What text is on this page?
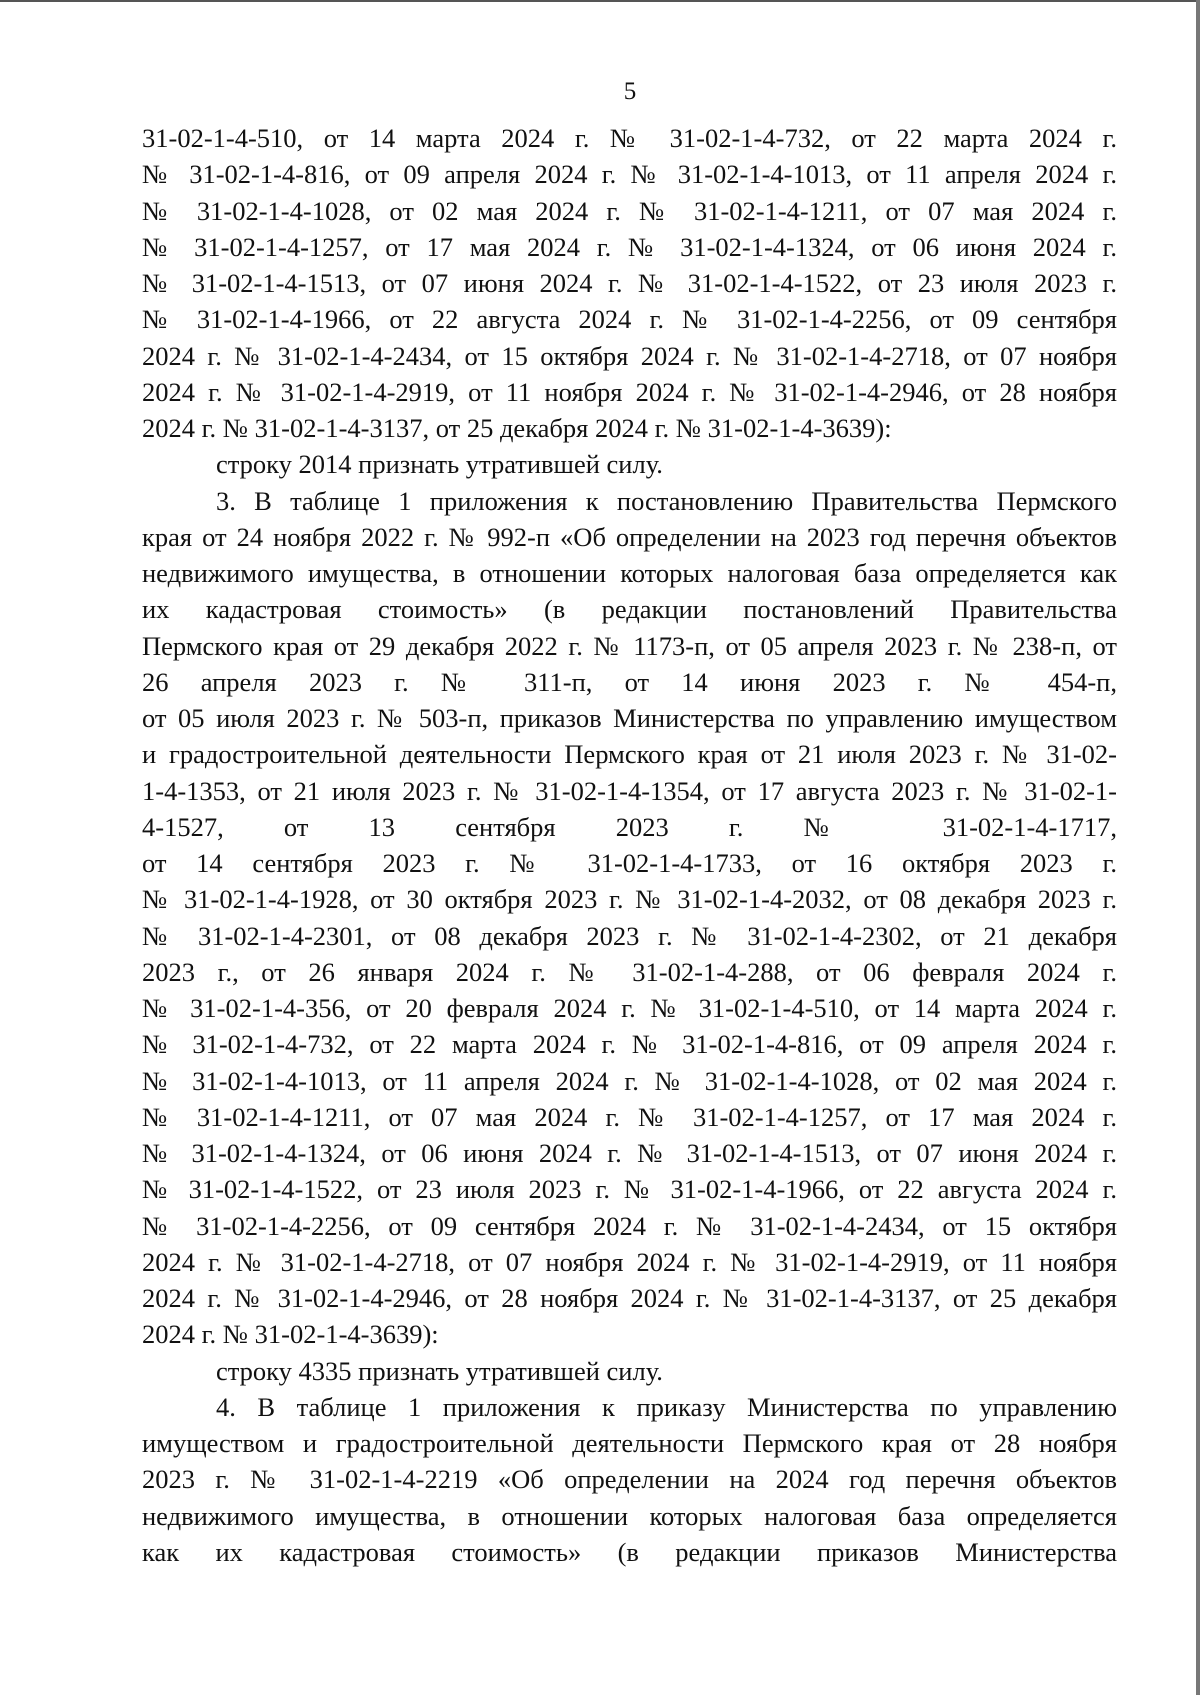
5
31-02-1-4-510, от 14 марта 2024 г. № 31-02-1-4-732, от 22 марта 2024 г.
№ 31-02-1-4-816, от 09 апреля 2024 г. № 31-02-1-4-1013, от 11 апреля 2024 г.
№ 31-02-1-4-1028, от 02 мая 2024 г. № 31-02-1-4-1211, от 07 мая 2024 г.
№ 31-02-1-4-1257, от 17 мая 2024 г. № 31-02-1-4-1324, от 06 июня 2024 г.
№ 31-02-1-4-1513, от 07 июня 2024 г. № 31-02-1-4-1522, от 23 июля 2023 г.
№ 31-02-1-4-1966, от 22 августа 2024 г. № 31-02-1-4-2256, от 09 сентября
2024 г. № 31-02-1-4-2434, от 15 октября 2024 г. № 31-02-1-4-2718, от 07 ноября
2024 г. № 31-02-1-4-2919, от 11 ноября 2024 г. № 31-02-1-4-2946, от 28 ноября
2024 г. № 31-02-1-4-3137, от 25 декабря 2024 г. № 31-02-1-4-3639):
строку 2014 признать утратившей силу.
3. В таблице 1 приложения к постановлению Правительства Пермского
края от 24 ноября 2022 г. № 992-п «Об определении на 2023 год перечня объектов
недвижимого имущества, в отношении которых налоговая база определяется как
их кадастровая стоимость» (в редакции постановлений Правительства
Пермского края от 29 декабря 2022 г. № 1173-п, от 05 апреля 2023 г. № 238-п, от
26 апреля 2023 г. № 311-п, от 14 июня 2023 г. № 454-п,
от 05 июля 2023 г. № 503-п, приказов Министерства по управлению имуществом
и градостроительной деятельности Пермского края от 21 июля 2023 г. № 31-02-
1-4-1353, от 21 июля 2023 г. № 31-02-1-4-1354, от 17 августа 2023 г. № 31-02-1-
4-1527, от 13 сентября 2023 г. № 31-02-1-4-1717,
от 14 сентября 2023 г. № 31-02-1-4-1733, от 16 октября 2023 г.
№ 31-02-1-4-1928, от 30 октября 2023 г. № 31-02-1-4-2032, от 08 декабря 2023 г.
№ 31-02-1-4-2301, от 08 декабря 2023 г. № 31-02-1-4-2302, от 21 декабря
2023 г., от 26 января 2024 г. № 31-02-1-4-288, от 06 февраля 2024 г.
№ 31-02-1-4-356, от 20 февраля 2024 г. № 31-02-1-4-510, от 14 марта 2024 г.
№ 31-02-1-4-732, от 22 марта 2024 г. № 31-02-1-4-816, от 09 апреля 2024 г.
№ 31-02-1-4-1013, от 11 апреля 2024 г. № 31-02-1-4-1028, от 02 мая 2024 г.
№ 31-02-1-4-1211, от 07 мая 2024 г. № 31-02-1-4-1257, от 17 мая 2024 г.
№ 31-02-1-4-1324, от 06 июня 2024 г. № 31-02-1-4-1513, от 07 июня 2024 г.
№ 31-02-1-4-1522, от 23 июля 2023 г. № 31-02-1-4-1966, от 22 августа 2024 г.
№ 31-02-1-4-2256, от 09 сентября 2024 г. № 31-02-1-4-2434, от 15 октября
2024 г. № 31-02-1-4-2718, от 07 ноября 2024 г. № 31-02-1-4-2919, от 11 ноября
2024 г. № 31-02-1-4-2946, от 28 ноября 2024 г. № 31-02-1-4-3137, от 25 декабря
2024 г. № 31-02-1-4-3639):
строку 4335 признать утратившей силу.
4. В таблице 1 приложения к приказу Министерства по управлению
имуществом и градостроительной деятельности Пермского края от 28 ноября
2023 г. № 31-02-1-4-2219 «Об определении на 2024 год перечня объектов
недвижимого имущества, в отношении которых налоговая база определяется
как их кадастровая стоимость» (в редакции приказов Министерства
